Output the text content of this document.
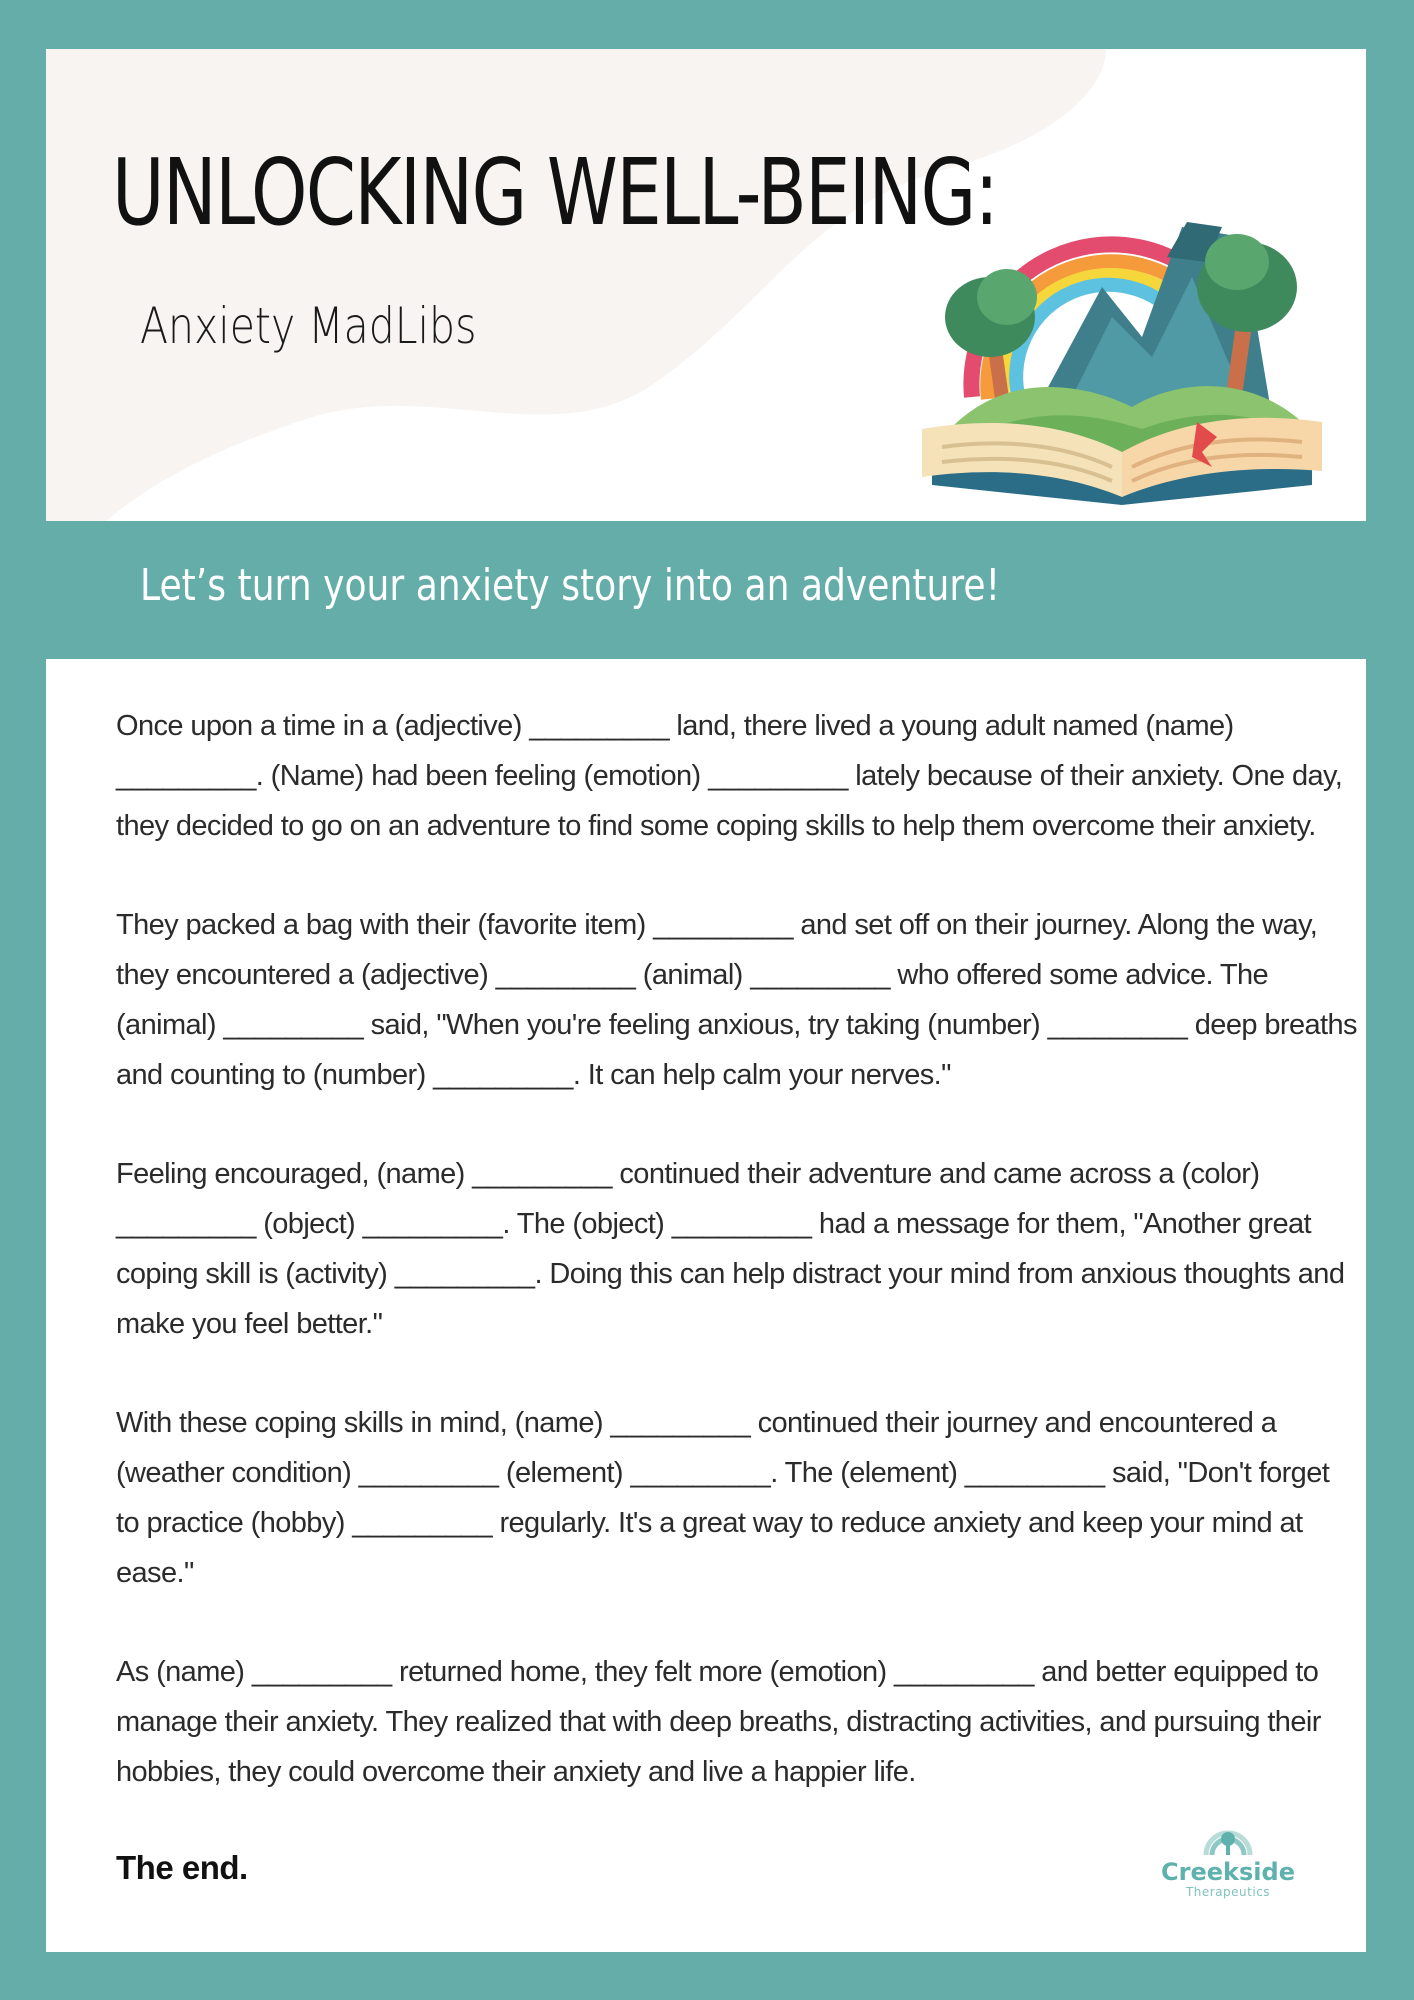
UNLOCKING WELL-BEING:
Anxiety MadLibs
Let’s turn your anxiety story into an adventure!

Once upon a time in a (adjective) _________ land, there lived a young adult named (name)
_________. (Name) had been feeling (emotion) _________ lately because of their anxiety. One day,
they decided to go on an adventure to find some coping skills to help them overcome their anxiety.

They packed a bag with their (favorite item) _________ and set off on their journey. Along the way,
they encountered a (adjective) _________ (animal) _________ who offered some advice. The
(animal) _________ said, "When you're feeling anxious, try taking (number) _________ deep breaths
and counting to (number) _________. It can help calm your nerves."

Feeling encouraged, (name) _________ continued their adventure and came across a (color)
_________ (object) _________. The (object) _________ had a message for them, "Another great
coping skill is (activity) _________. Doing this can help distract your mind from anxious thoughts and
make you feel better."

With these coping skills in mind, (name) _________ continued their journey and encountered a
(weather condition) _________ (element) _________. The (element) _________ said, "Don't forget
to practice (hobby) _________ regularly. It's a great way to reduce anxiety and keep your mind at
ease."

As (name) _________ returned home, they felt more (emotion) _________ and better equipped to
manage their anxiety. They realized that with deep breaths, distracting activities, and pursuing their
hobbies, they could overcome their anxiety and live a happier life.

The end.	Creekside
Therapeutics
